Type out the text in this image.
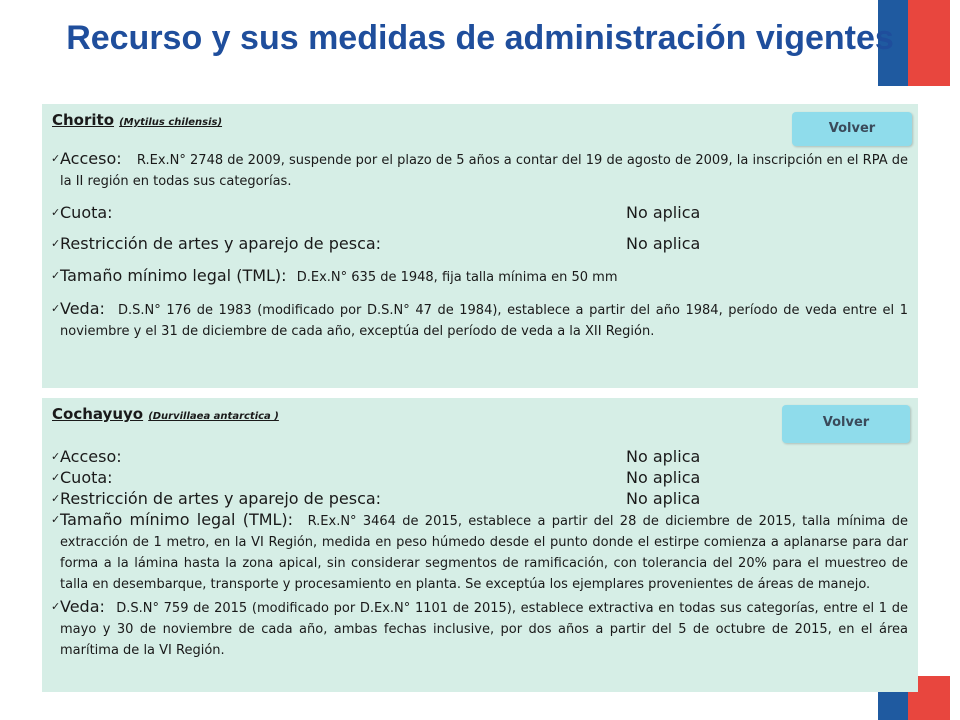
Recurso y sus medidas de administración vigentes
Chorito (Mytilus chilensis)
✓ Acceso: R.Ex.N° 2748 de 2009, suspende por el plazo de 5 años a contar del 19 de agosto de 2009, la inscripción en el RPA de la II región en todas sus categorías.
✓ Cuota:	No aplica
✓ Restricción de artes y aparejo de pesca:	No aplica
✓ Tamaño mínimo legal (TML): D.Ex.N° 635 de 1948, fija talla mínima en 50 mm
✓ Veda: D.S.N° 176 de 1983 (modificado por D.S.N° 47 de 1984), establece a partir del año 1984, período de veda entre el 1 noviembre y el 31 de diciembre de cada año, exceptúa del período de veda a la XII Región.
Volver
Cochayuyo (Durvillaea antarctica )
✓ Acceso:	No aplica
✓ Cuota:	No aplica
✓ Restricción de artes y aparejo de pesca:	No aplica
✓ Tamaño mínimo legal (TML): R.Ex.N° 3464 de 2015, establece a partir del 28 de diciembre de 2015, talla mínima de extracción de 1 metro, en la VI Región, medida en peso húmedo desde el punto donde el estirpe comienza a aplanarse para dar forma a la lámina hasta la zona apical, sin considerar segmentos de ramificación, con tolerancia del 20% para el muestreo de talla en desembarque, transporte y procesamiento en planta. Se exceptúa los ejemplares provenientes de áreas de manejo.
✓ Veda: D.S.N° 759 de 2015 (modificado por D.Ex.N° 1101 de 2015), establece extractiva en todas sus categorías, entre el 1 de mayo y 30 de noviembre de cada año, ambas fechas inclusive, por dos años a partir del 5 de octubre de 2015, en el área marítima de la VI Región.
Volver
